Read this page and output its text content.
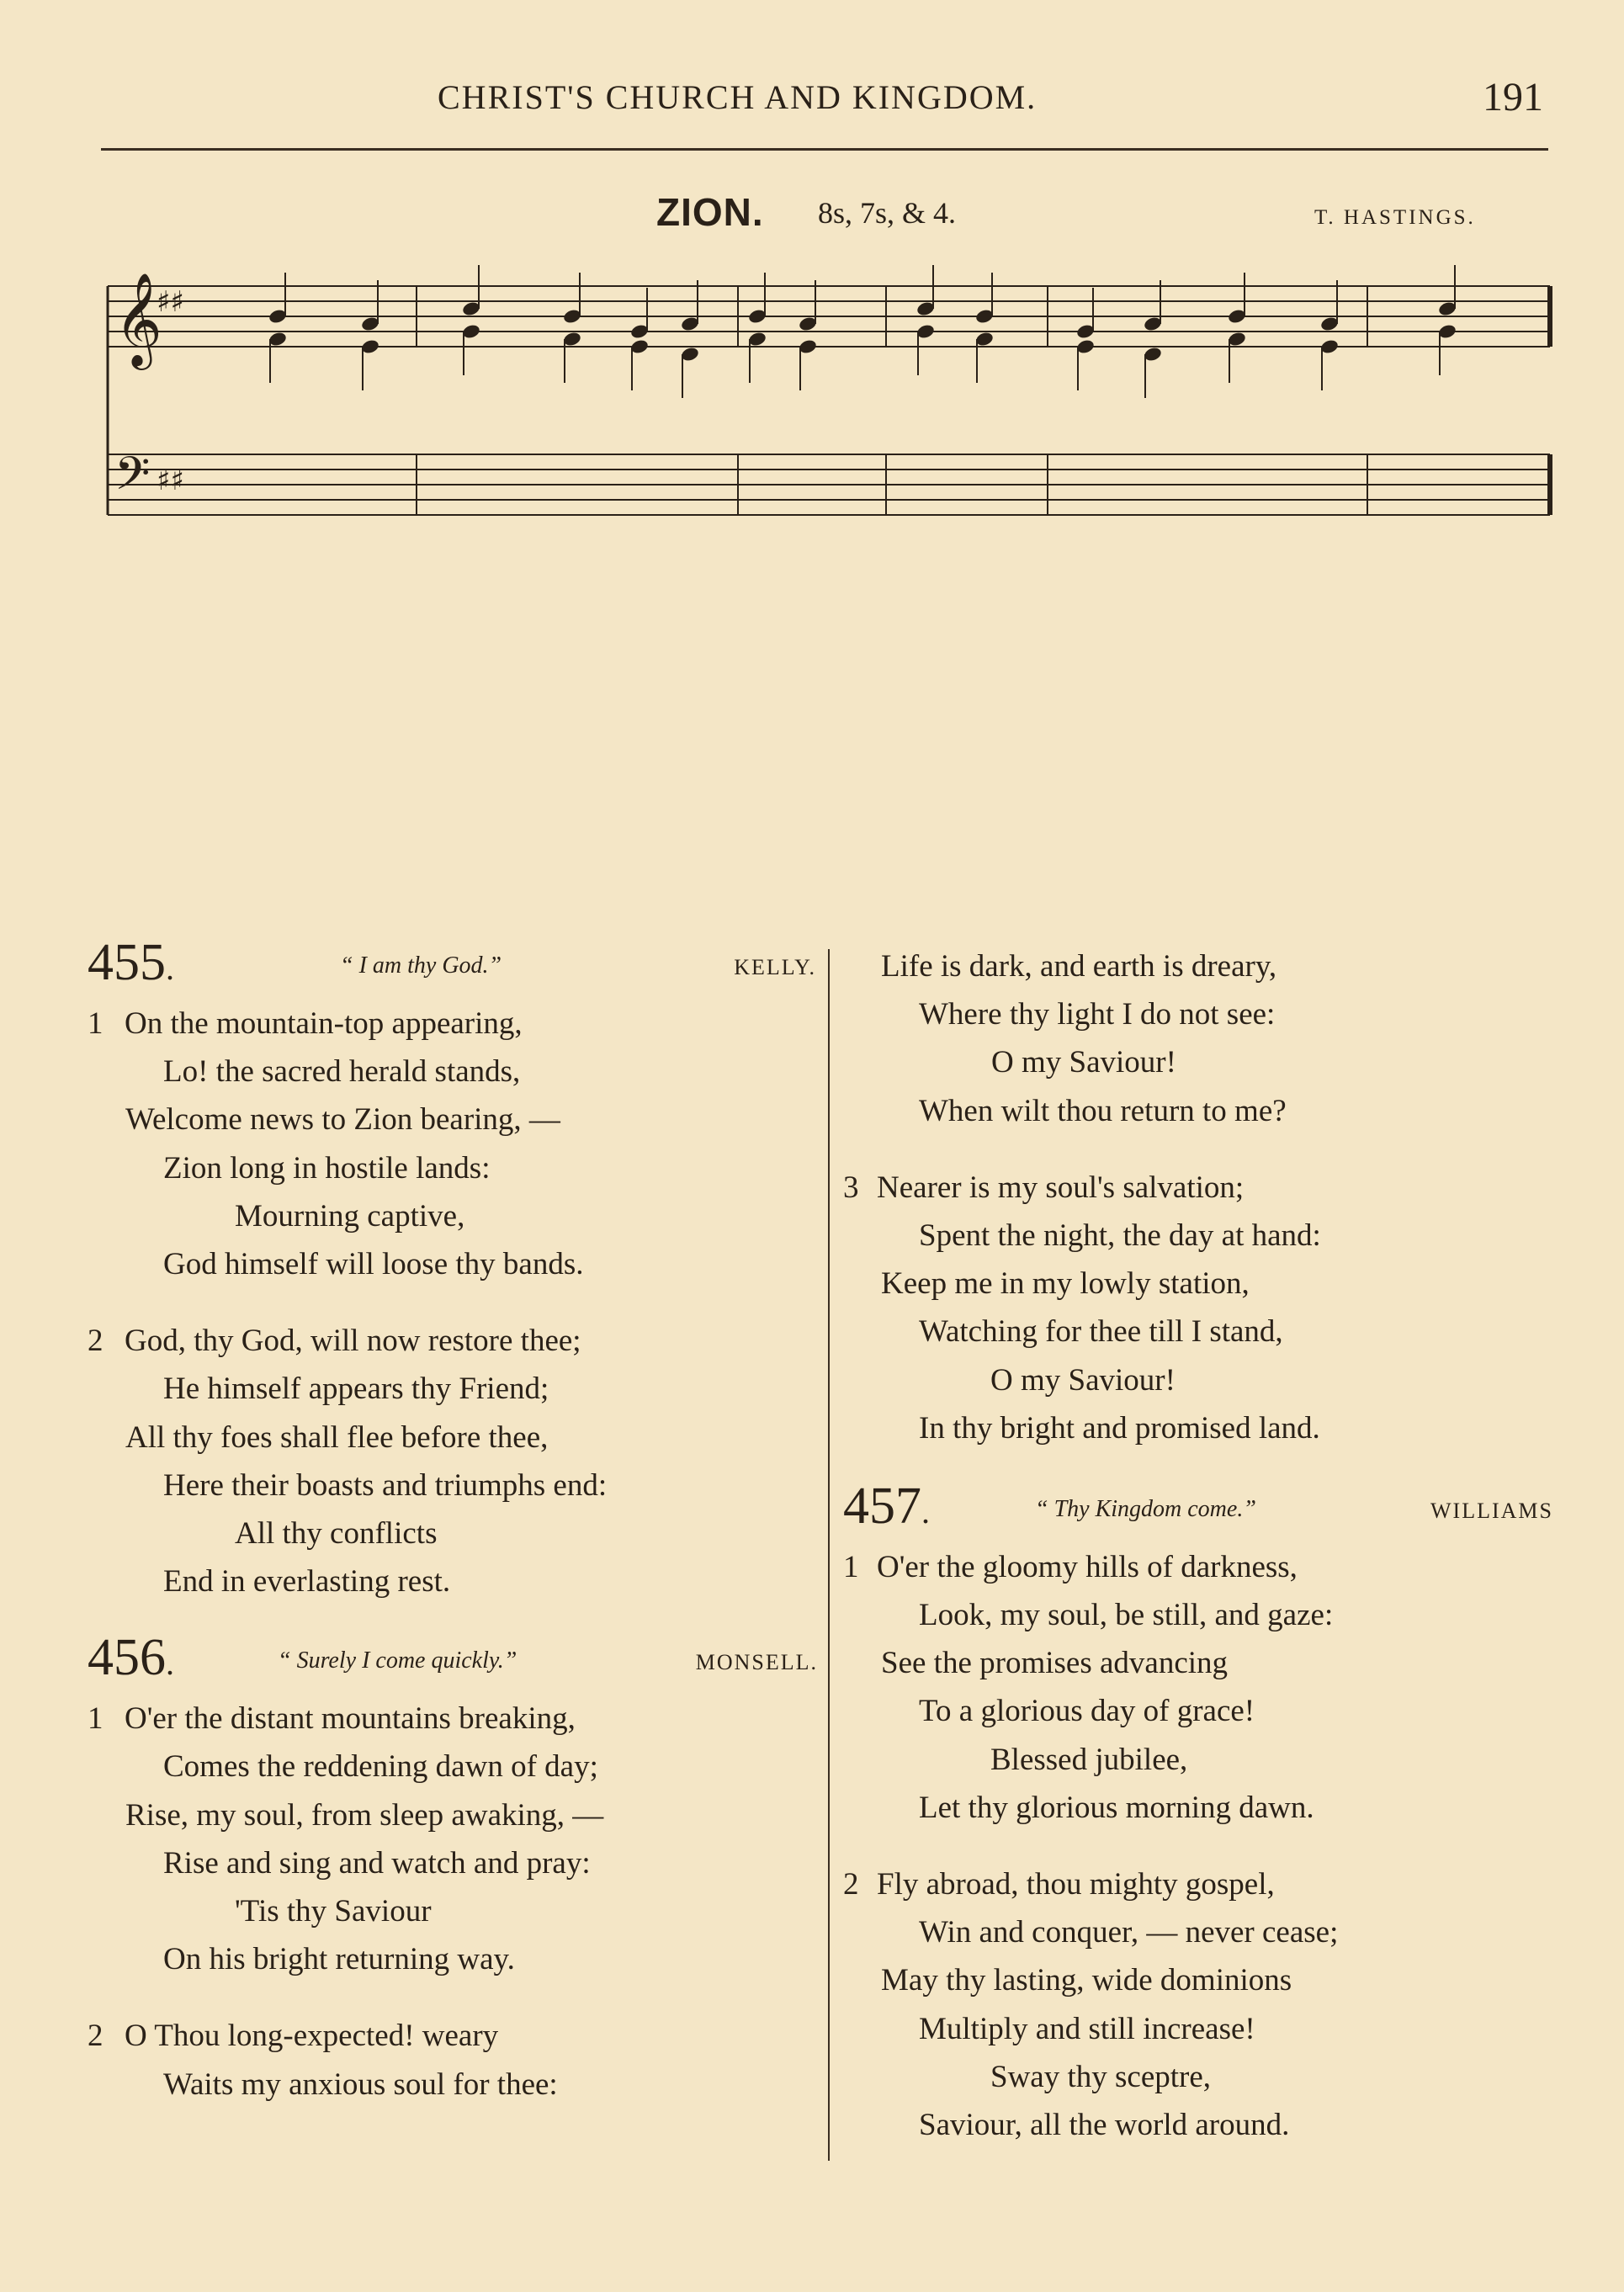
CHRIST'S CHURCH AND KINGDOM.	191
ZION. 8s, 7s, & 4.	T. HASTINGS.
𝄞
𝄢
♯♯
♯♯
455.	“ I am thy God.”	KELLY.
1 On the mountain-top appearing,
Lo! the sacred herald stands,
Welcome news to Zion bearing, —
Zion long in hostile lands:
Mourning captive,
God himself will loose thy bands.
2 God, thy God, will now restore thee;
He himself appears thy Friend;
All thy foes shall flee before thee,
Here their boasts and triumphs end:
All thy conflicts
End in everlasting rest.
456.	“ Surely I come quickly.”	MONSELL.
1 O'er the distant mountains breaking,
Comes the reddening dawn of day;
Rise, my soul, from sleep awaking, —
Rise and sing and watch and pray:
'Tis thy Saviour
On his bright returning way.
2 O Thou long-expected! weary
Waits my anxious soul for thee:
Life is dark, and earth is dreary,
Where thy light I do not see:
O my Saviour!
When wilt thou return to me?
3 Nearer is my soul's salvation;
Spent the night, the day at hand:
Keep me in my lowly station,
Watching for thee till I stand,
O my Saviour!
In thy bright and promised land.
457.	“ Thy Kingdom come.”	WILLIAMS
1 O'er the gloomy hills of darkness,
Look, my soul, be still, and gaze:
See the promises advancing
To a glorious day of grace!
Blessed jubilee,
Let thy glorious morning dawn.
2 Fly abroad, thou mighty gospel,
Win and conquer, — never cease;
May thy lasting, wide dominions
Multiply and still increase!
Sway thy sceptre,
Saviour, all the world around.
